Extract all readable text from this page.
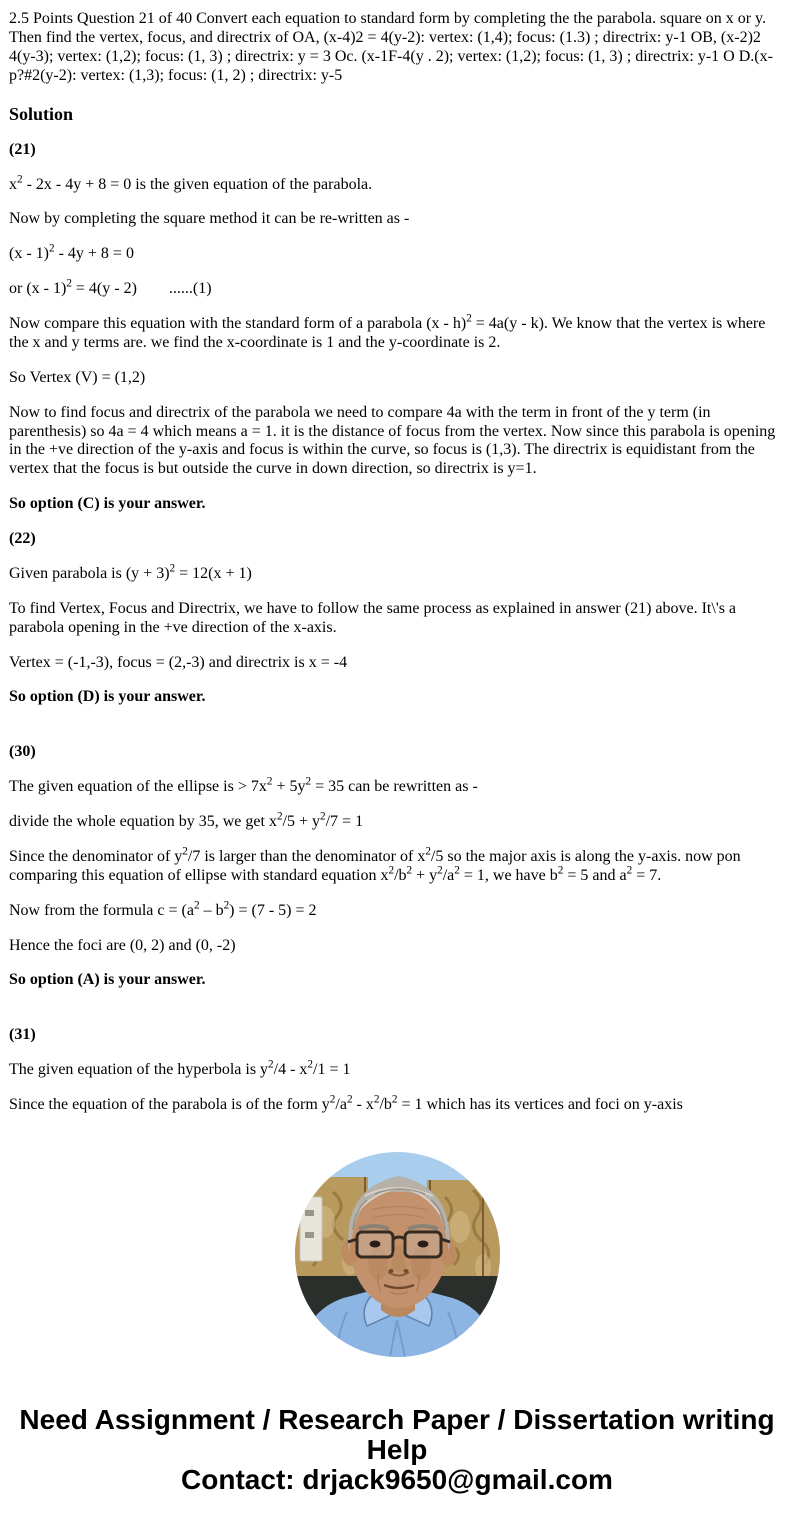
2.5 Points Question 21 of 40 Convert each equation to standard form by completing the the parabola. square on x or y. Then find the vertex, focus, and directrix of OA, (x-4)2 = 4(y-2): vertex: (1,4); focus: (1.3) ; directrix: y-1 OB, (x-2)2 4(y-3); vertex: (1,2); focus: (1, 3) ; directrix: y = 3 Oc. (x-1F-4(y . 2); vertex: (1,2); focus: (1, 3) ; directrix: y-1 O D.(x-p?#2(y-2): vertex: (1,3); focus: (1, 2) ; directrix: y-5

Solution

(21)

$x^2 - 2x - 4y + 8 = 0$ is the given equation of the parabola.

Now by completing the square method it can be re-written as -

(x - 1)$^2$ - 4y + 8 = 0

or (x - 1)$^2$ = 4(y - 2)        ......(1)

Now compare this equation with the standard form of a parabola (x - h)$^2$ = 4a(y - k). We know that the vertex is where the x and y terms are. we find the x-coordinate is 1 and the y-coordinate is 2.

So Vertex (V) = (1,2)

Now to find focus and directrix of the parabola we need to compare 4a with the term in front of the y term (in parenthesis) so 4a = 4 which means a = 1. it is the distance of focus from the vertex. Now since this parabola is opening in the +ve direction of the y-axis and focus is within the curve, so focus is (1,3). The directrix is equidistant from the vertex that the focus is but outside the curve in down direction, so directrix is y=1.

So option (C) is your answer.

(22)

Given parabola is $(y + 3)^2 = 12(x + 1)$

To find Vertex, Focus and Directrix, we have to follow the same process as explained in answer (21) above. It\'s a parabola opening in the +ve direction of the x-axis.

Vertex = (-1,-3), focus = (2,-3) and directrix is x = -4

So option (D) is your answer.

(30)

The given equation of the ellipse is > $7x^2 + 5y^2 = 35$ can be rewritten as -

divide the whole equation by 35, we get $x^2/5 + y^2/7 = 1$

Since the denominator of $y^2/7$ is larger than the denominator of $x^2/5$ so the major axis is along the y-axis. now pon comparing this equation of ellipse with standard equation $x^2/b^2 + y^2/a^2 = 1$, we have $b^2 = 5$ and $a^2 = 7$.

Now from the formula $c = (a^2 - b^2) = (7 - 5) = 2$

Hence the foci are (0, 2) and (0, -2)

So option (A) is your answer.

(31)

The given equation of the hyperbola is $y^2/4 - x^2/1 = 1$

Since the equation of the parabola is of the form $y^2/a^2 - x^2/b^2 = 1$ which has its vertices and foci on y-axis

Need Assignment / Research Paper / Dissertation writing Help
Contact: drjack9650@gmail.com
